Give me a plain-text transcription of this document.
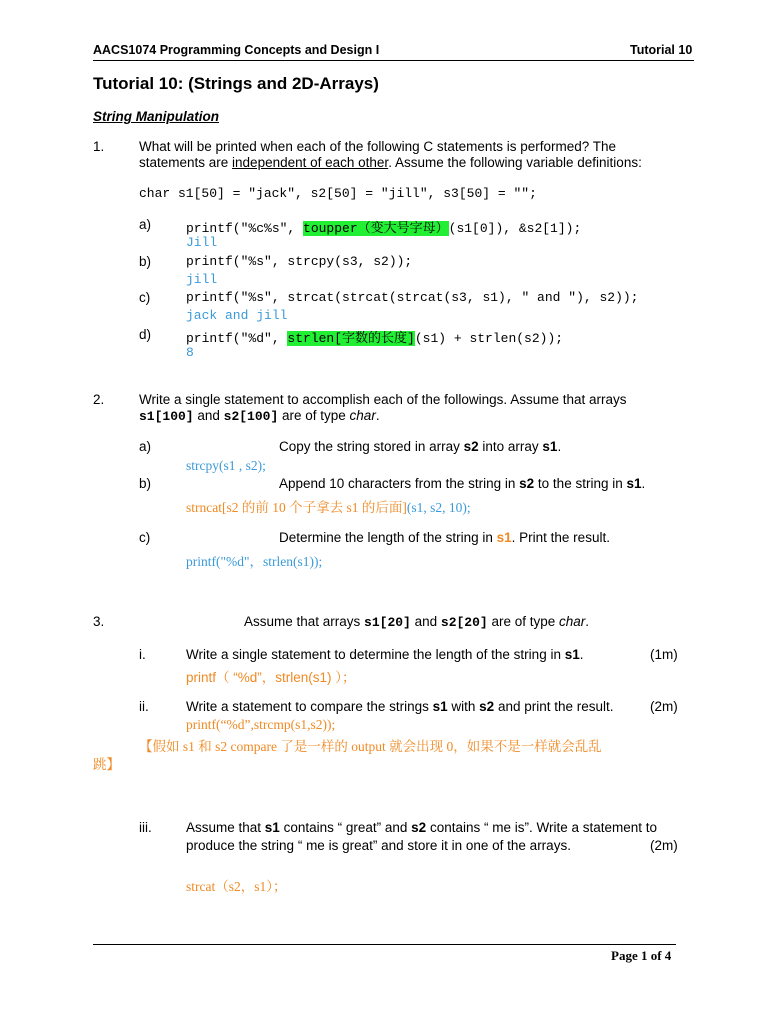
AACS1074 Programming Concepts and Design I	Tutorial 10
Tutorial 10: (Strings and 2D-Arrays)
String Manipulation
1.	What will be printed when each of the following C statements is performed? The
statements are independent of each other. Assume the following variable definitions:
char s1[50] = "jack", s2[50] = "jill", s3[50] = "";
a)	printf("%c%s", toupper（变大号字母）(s1[0]), &s2[1]);
Jill
b)	printf("%s", strcpy(s3, s2));
jill
c)	printf("%s", strcat(strcat(strcat(s3, s1), " and "), s2));
jack and jill
d)	printf("%d", strlen[字数的长度](s1) + strlen(s2));
8
2.	Write a single statement to accomplish each of the followings. Assume that arrays
s1[100] and s2[100] are of type char.
a)	Copy the string stored in array s2 into array s1.
strcpy(s1 , s2);
b)	Append 10 characters from the string in s2 to the string in s1.
strncat[s2 的前 10 个子拿去 s1 的后面](s1, s2, 10);
c)	Determine the length of the string in s1. Print the result.
printf("%d"，strlen(s1));
3.	Assume that arrays s1[20] and s2[20] are of type char.
i.	Write a single statement to determine the length of the string in s1.	(1m)
printf（ “%d”，strlen(s1) ）；
ii.	Write a statement to compare the strings s1 with s2 and print the result.	(2m)
printf(“%d”,strcmp(s1,s2));
【假如 s1 和 s2 compare 了是一样的 output 就会出现 0，如果不是一样就会乱乱
跳】
iii.	Assume that s1 contains “ great” and s2 contains “ me is”. Write a statement to
produce the string “ me is great” and store it in one of the arrays.	(2m)
strcat（s2，s1）；
Page 1 of 4
